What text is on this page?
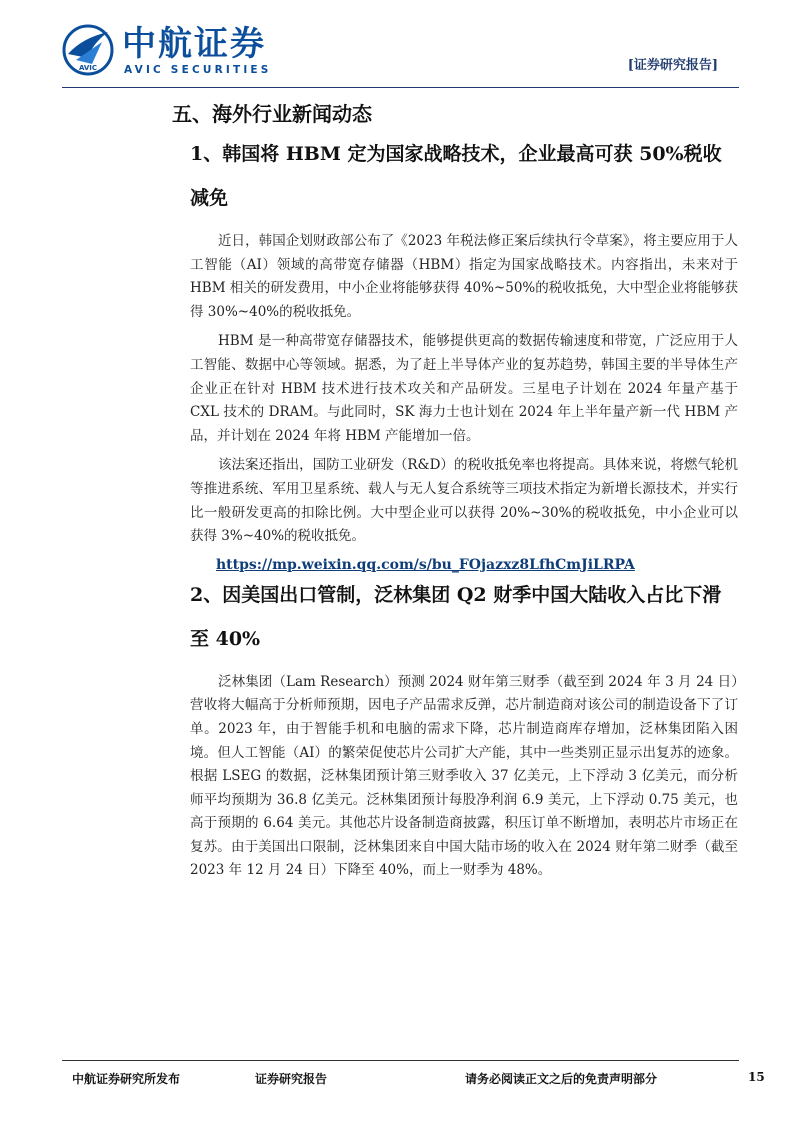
AVIC
中航证券
AVIC SECURITIES	[证券研究报告]
五、海外行业新闻动态
1、韩国将 HBM 定为国家战略技术，企业最高可获 50%税收减免

近日，韩国企划财政部公布了《2023 年税法修正案后续执行令草案》，将主要应用于人工智能（AI）领域的高带宽存储器（HBM）指定为国家战略技术。内容指出，未来对于 HBM 相关的研发费用，中小企业将能够获得 40%~50%的税收抵免，大中型企业将能够获得 30%~40%的税收抵免。

HBM 是一种高带宽存储器技术，能够提供更高的数据传输速度和带宽，广泛应用于人工智能、数据中心等领域。据悉，为了赶上半导体产业的复苏趋势，韩国主要的半导体生产企业正在针对 HBM 技术进行技术攻关和产品研发。三星电子计划在 2024 年量产基于 CXL 技术的 DRAM。与此同时，SK 海力士也计划在 2024 年上半年量产新一代 HBM 产品，并计划在 2024 年将 HBM 产能增加一倍。

该法案还指出，国防工业研发（R&D）的税收抵免率也将提高。具体来说，将燃气轮机等推进系统、军用卫星系统、载人与无人复合系统等三项技术指定为新增长源技术，并实行比一般研发更高的扣除比例。大中型企业可以获得 20%~30%的税收抵免，中小企业可以获得 3%~40%的税收抵免。

https://mp.weixin.qq.com/s/bu_FOjazxz8LfhCmJiLRPA
2、因美国出口管制，泛林集团 Q2 财季中国大陆收入占比下滑至 40%

泛林集团（Lam Research）预测 2024 财年第三财季（截至到 2024 年 3 月 24 日）营收将大幅高于分析师预期，因电子产品需求反弹，芯片制造商对该公司的制造设备下了订单。2023 年，由于智能手机和电脑的需求下降，芯片制造商库存增加，泛林集团陷入困境。但人工智能（AI）的繁荣促使芯片公司扩大产能，其中一些类别正显示出复苏的迹象。根据 LSEG 的数据，泛林集团预计第三财季收入 37 亿美元，上下浮动 3 亿美元，而分析师平均预期为 36.8 亿美元。泛林集团预计每股净利润 6.9 美元，上下浮动 0.75 美元，也高于预期的 6.64 美元。其他芯片设备制造商披露，积压订单不断增加，表明芯片市场正在复苏。由于美国出口限制，泛林集团来自中国大陆市场的收入在 2024 财年第二财季（截至 2023 年 12 月 24 日）下降至 40%，而上一财季为 48%。

中航证券研究所发布	证券研究报告	请务必阅读正文之后的免责声明部分	15
